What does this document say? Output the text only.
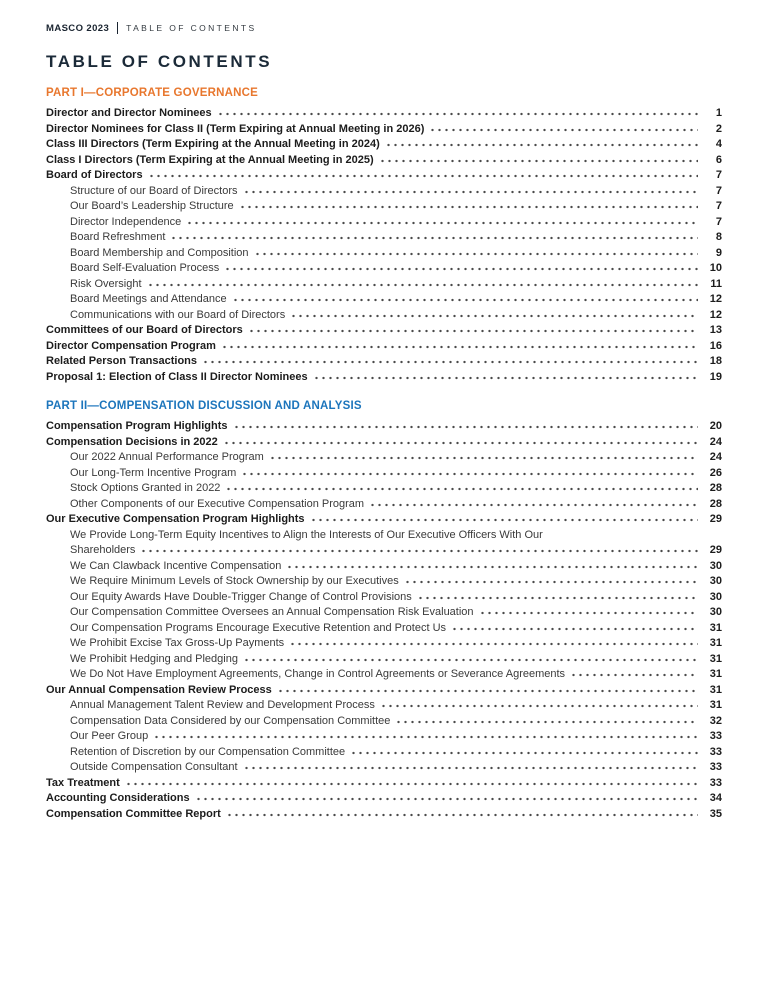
MASCO 2023 TABLE OF CONTENTS
TABLE OF CONTENTS
PART I—CORPORATE GOVERNANCE
Director and Director Nominees	1
Director Nominees for Class II (Term Expiring at Annual Meeting in 2026)	2
Class III Directors (Term Expiring at the Annual Meeting in 2024)	4
Class I Directors (Term Expiring at the Annual Meeting in 2025)	6
Board of Directors	7
Structure of our Board of Directors	7
Our Board’s Leadership Structure	7
Director Independence	7
Board Refreshment	8
Board Membership and Composition	9
Board Self-Evaluation Process	10
Risk Oversight	11
Board Meetings and Attendance	12
Communications with our Board of Directors	12
Committees of our Board of Directors	13
Director Compensation Program	16
Related Person Transactions	18
Proposal 1: Election of Class II Director Nominees	19
PART II—COMPENSATION DISCUSSION AND ANALYSIS
Compensation Program Highlights	20
Compensation Decisions in 2022	24
Our 2022 Annual Performance Program	24
Our Long-Term Incentive Program	26
Stock Options Granted in 2022	28
Other Components of our Executive Compensation Program	28
Our Executive Compensation Program Highlights	29
We Provide Long-Term Equity Incentives to Align the Interests of Our Executive Officers With Our
Shareholders	29
We Can Clawback Incentive Compensation	30
We Require Minimum Levels of Stock Ownership by our Executives	30
Our Equity Awards Have Double-Trigger Change of Control Provisions	30
Our Compensation Committee Oversees an Annual Compensation Risk Evaluation	30
Our Compensation Programs Encourage Executive Retention and Protect Us	31
We Prohibit Excise Tax Gross-Up Payments	31
We Prohibit Hedging and Pledging	31
We Do Not Have Employment Agreements, Change in Control Agreements or Severance Agreements	31
Our Annual Compensation Review Process	31
Annual Management Talent Review and Development Process	31
Compensation Data Considered by our Compensation Committee	32
Our Peer Group	33
Retention of Discretion by our Compensation Committee	33
Outside Compensation Consultant	33
Tax Treatment	33
Accounting Considerations	34
Compensation Committee Report	35
